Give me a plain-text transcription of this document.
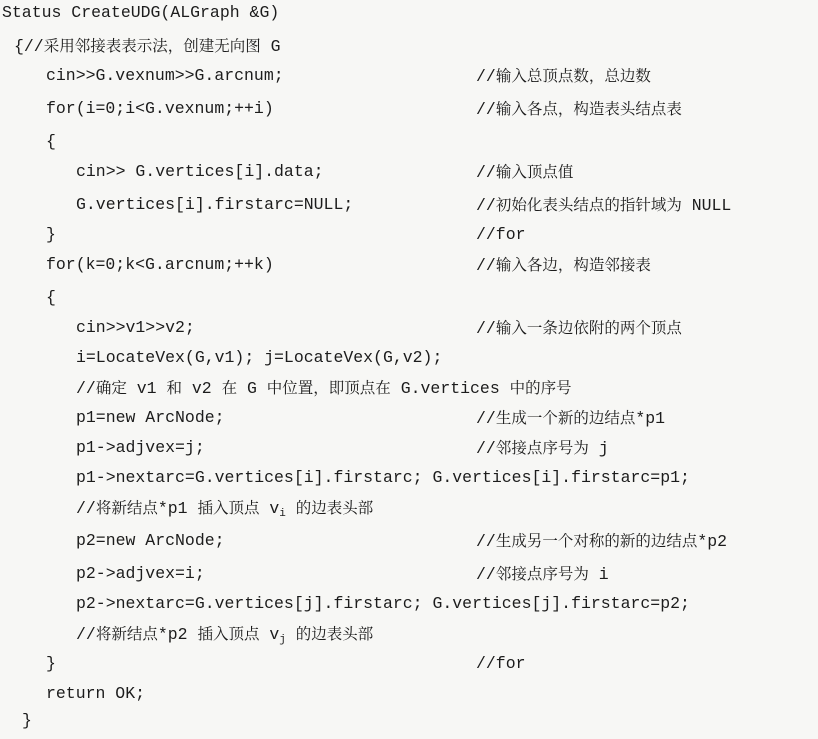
Status CreateUDG(ALGraph &G)
{//采用邻接表表示法，创建无向图 G
cin>>G.vexnum>>G.arcnum;	//输入总顶点数，总边数
for(i=0;i<G.vexnum;++i)	//输入各点，构造表头结点表
{
cin>> G.vertices[i].data;	//输入顶点值
G.vertices[i].firstarc=NULL;	//初始化表头结点的指针域为 NULL
}	//for
for(k=0;k<G.arcnum;++k)	//输入各边，构造邻接表
{
cin>>v1>>v2;	//输入一条边依附的两个顶点
i=LocateVex(G,v1); j=LocateVex(G,v2);
//确定 v1 和 v2 在 G 中位置，即顶点在 G.vertices 中的序号
p1=new ArcNode;	//生成一个新的边结点*p1
p1->adjvex=j;	//邻接点序号为 j
p1->nextarc=G.vertices[i].firstarc; G.vertices[i].firstarc=p1;
//将新结点*p1 插入顶点 $v_i$ 的边表头部
p2=new ArcNode;	//生成另一个对称的新的边结点*p2
p2->adjvex=i;	//邻接点序号为 i
p2->nextarc=G.vertices[j].firstarc; G.vertices[j].firstarc=p2;
//将新结点*p2 插入顶点 $v_j$ 的边表头部
}	//for
return OK;
}
